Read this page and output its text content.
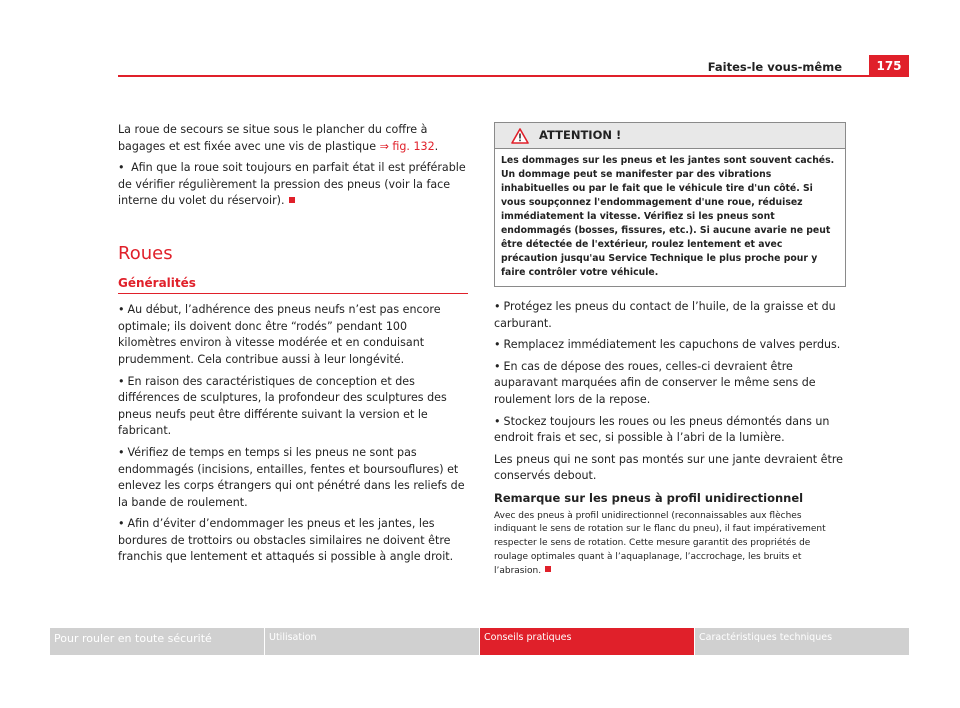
Faites-le vous-même	175

La roue de secours se situe sous le plancher du coffre à bagages et est fixée avec une vis de plastique ⇒ fig. 132.

• Afin que la roue soit toujours en parfait état il est préférable de vérifier régulièrement la pression des pneus (voir la face interne du volet du réservoir).

Roues
Généralités

• Au début, l’adhérence des pneus neufs n’est pas encore optimale; ils doivent donc être “rodés” pendant 100 kilomètres environ à vitesse modérée et en conduisant prudemment. Cela contribue aussi à leur longévité.

• En raison des caractéristiques de conception et des différences de sculptures, la profondeur des sculptures des pneus neufs peut être différente suivant la version et le fabricant.

• Vérifiez de temps en temps si les pneus ne sont pas endommagés (incisions, entailles, fentes et boursouflures) et enlevez les corps étrangers qui ont pénétré dans les reliefs de la bande de roulement.

• Afin d’éviter d’endommager les pneus et les jantes, les bordures de trottoirs ou obstacles similaires ne doivent être franchis que lentement et attaqués si possible à angle droit.

ATTENTION !
Les dommages sur les pneus et les jantes sont souvent cachés. Un dommage peut se manifester par des vibrations inhabituelles ou par le fait que le véhicule tire d'un côté. Si vous soupçonnez l'endommagement d'une roue, réduisez immédiatement la vitesse. Vérifiez si les pneus sont endommagés (bosses, fissures, etc.). Si aucune avarie ne peut être détectée de l'extérieur, roulez lentement et avec précaution jusqu'au Service Technique le plus proche pour y faire contrôler votre véhicule.

• Protégez les pneus du contact de l’huile, de la graisse et du carburant.

• Remplacez immédiatement les capuchons de valves perdus.

• En cas de dépose des roues, celles-ci devraient être auparavant marquées afin de conserver le même sens de roulement lors de la repose.

• Stockez toujours les roues ou les pneus démontés dans un endroit frais et sec, si possible à l’abri de la lumière.

Les pneus qui ne sont pas montés sur une jante devraient être conservés debout.

Remarque sur les pneus à profil unidirectionnel
Avec des pneus à profil unidirectionnel (reconnaissables aux flèches indiquant le sens de rotation sur le flanc du pneu), il faut impérativement respecter le sens de rotation. Cette mesure garantit des propriétés de roulage optimales quant à l’aquaplanage, l’accrochage, les bruits et l’abrasion.
Pour rouler en toute sécurité	Utilisation	Conseils pratiques	Caractéristiques techniques
